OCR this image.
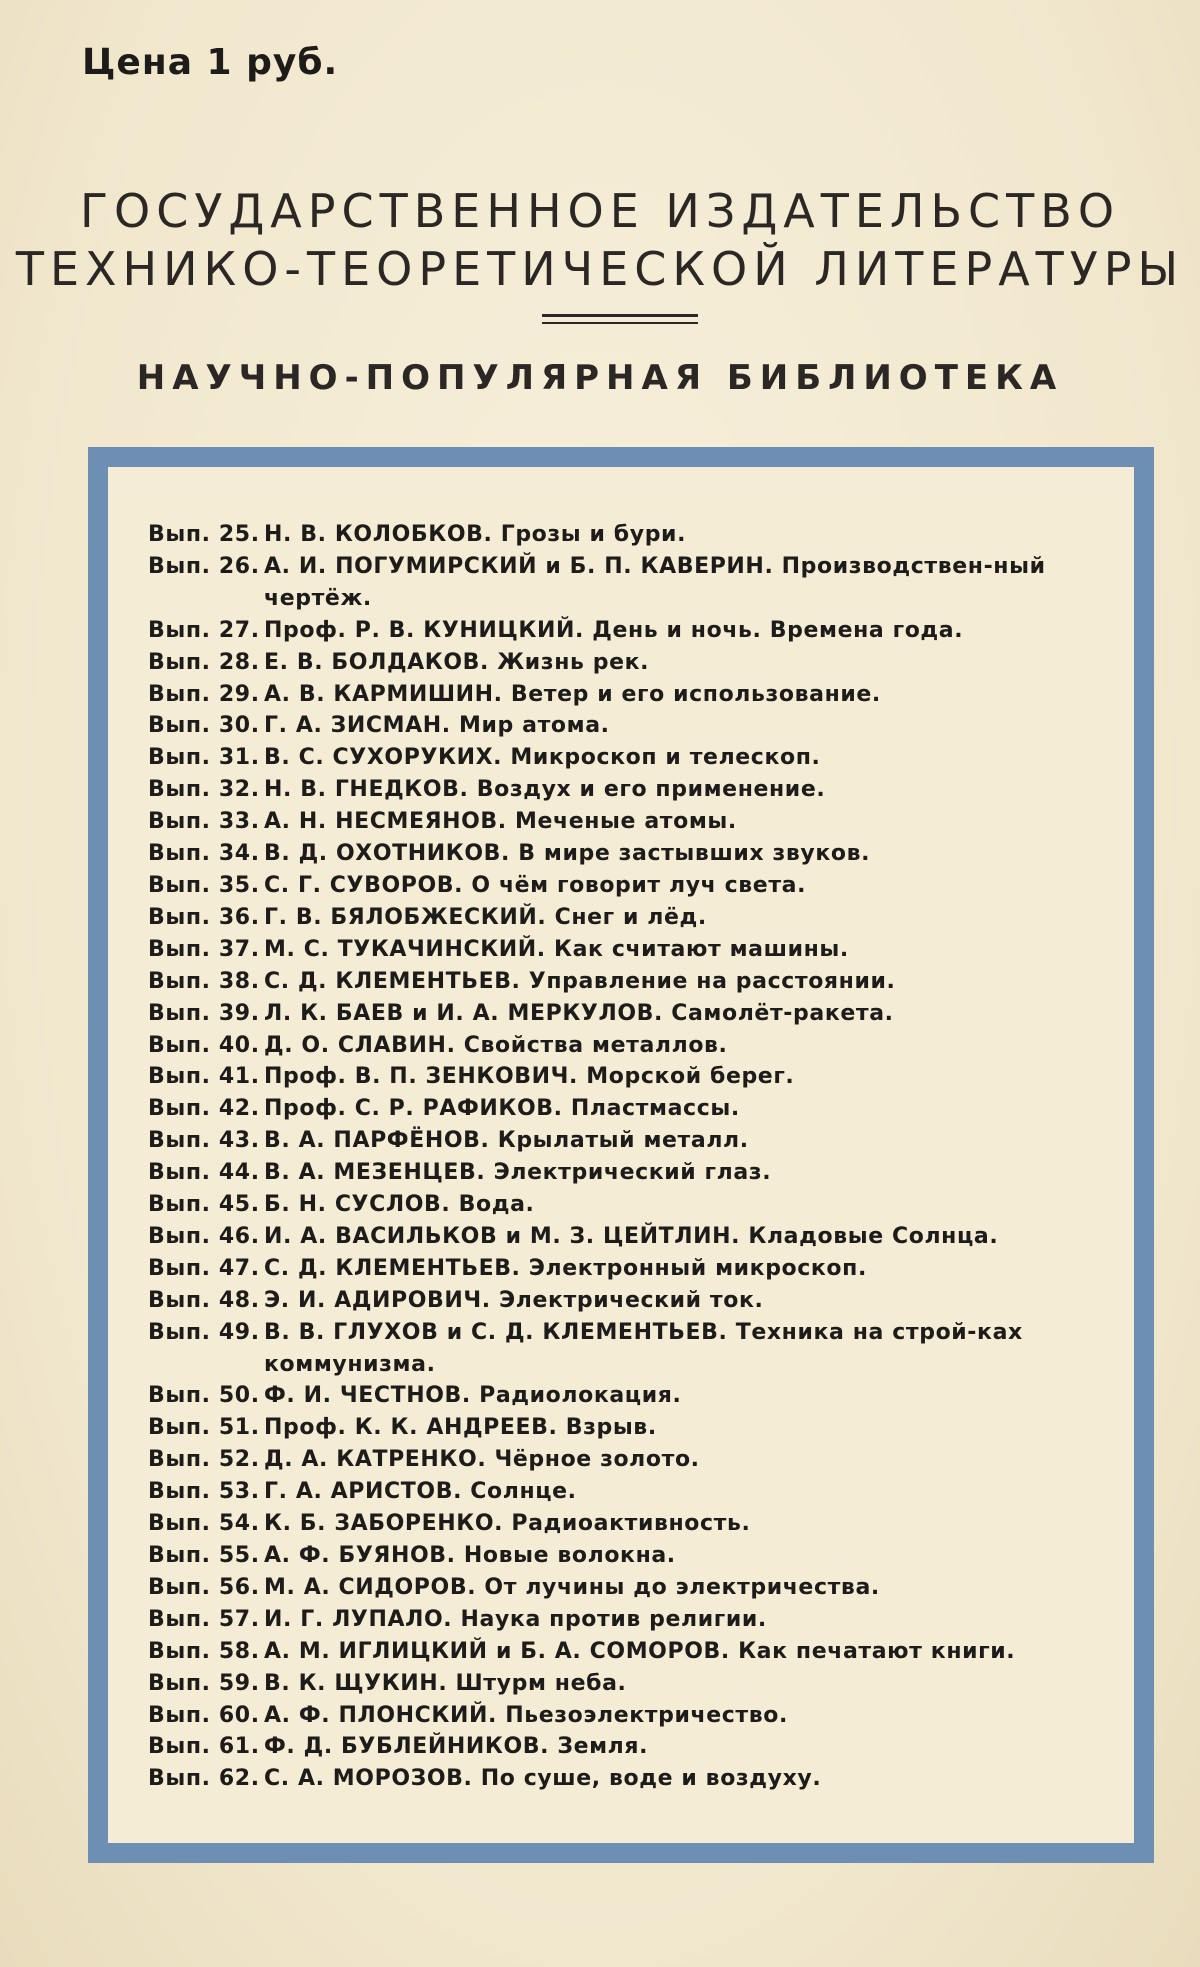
Цена 1 руб.
ГОСУДАРСТВЕННОЕ ИЗДАТЕЛЬСТВО
ТЕХНИКО-ТЕОРЕТИЧЕСКОЙ ЛИТЕРАТУРЫ
НАУЧНО-ПОПУЛЯРНАЯ БИБЛИОТЕКА
Вып. 25. Н. В. КОЛОБКОВ. Грозы и бури.
Вып. 26. А. И. ПОГУМИРСКИЙ и Б. П. КАВЕРИН. Производствен-ный чертёж.
Вып. 27. Проф. Р. В. КУНИЦКИЙ. День и ночь. Времена года.
Вып. 28. Е. В. БОЛДАКОВ. Жизнь рек.
Вып. 29. А. В. КАРМИШИН. Ветер и его использование.
Вып. 30. Г. А. ЗИСМАН. Мир атома.
Вып. 31. В. С. СУХОРУКИХ. Микроскоп и телескоп.
Вып. 32. Н. В. ГНЕДКОВ. Воздух и его применение.
Вып. 33. А. Н. НЕСМЕЯНОВ. Меченые атомы.
Вып. 34. В. Д. ОХОТНИКОВ. В мире застывших звуков.
Вып. 35. С. Г. СУВОРОВ. О чём говорит луч света.
Вып. 36. Г. В. БЯЛОБЖЕСКИЙ. Снег и лёд.
Вып. 37. М. С. ТУКАЧИНСКИЙ. Как считают машины.
Вып. 38. С. Д. КЛЕМЕНТЬЕВ. Управление на расстоянии.
Вып. 39. Л. К. БАЕВ и И. А. МЕРКУЛОВ. Самолёт-ракета.
Вып. 40. Д. О. СЛАВИН. Свойства металлов.
Вып. 41. Проф. В. П. ЗЕНКОВИЧ. Морской берег.
Вып. 42. Проф. С. Р. РАФИКОВ. Пластмассы.
Вып. 43. В. А. ПАРФЁНОВ. Крылатый металл.
Вып. 44. В. А. МЕЗЕНЦЕВ. Электрический глаз.
Вып. 45. Б. Н. СУСЛОВ. Вода.
Вып. 46. И. А. ВАСИЛЬКОВ и М. З. ЦЕЙТЛИН. Кладовые Солнца.
Вып. 47. С. Д. КЛЕМЕНТЬЕВ. Электронный микроскоп.
Вып. 48. Э. И. АДИРОВИЧ. Электрический ток.
Вып. 49. В. В. ГЛУХОВ и С. Д. КЛЕМЕНТЬЕВ. Техника на строй-ках коммунизма.
Вып. 50. Ф. И. ЧЕСТНОВ. Радиолокация.
Вып. 51. Проф. К. К. АНДРЕЕВ. Взрыв.
Вып. 52. Д. А. КАТРЕНКО. Чёрное золото.
Вып. 53. Г. А. АРИСТОВ. Солнце.
Вып. 54. К. Б. ЗАБОРЕНКО. Радиоактивность.
Вып. 55. А. Ф. БУЯНОВ. Новые волокна.
Вып. 56. М. А. СИДОРОВ. От лучины до электричества.
Вып. 57. И. Г. ЛУПАЛО. Наука против религии.
Вып. 58. А. М. ИГЛИЦКИЙ и Б. А. СОМОРОВ. Как печатают книги.
Вып. 59. В. К. ЩУКИН. Штурм неба.
Вып. 60. А. Ф. ПЛОНСКИЙ. Пьезоэлектричество.
Вып. 61. Ф. Д. БУБЛЕЙНИКОВ. Земля.
Вып. 62. С. А. МОРОЗОВ. По суше, воде и воздуху.
